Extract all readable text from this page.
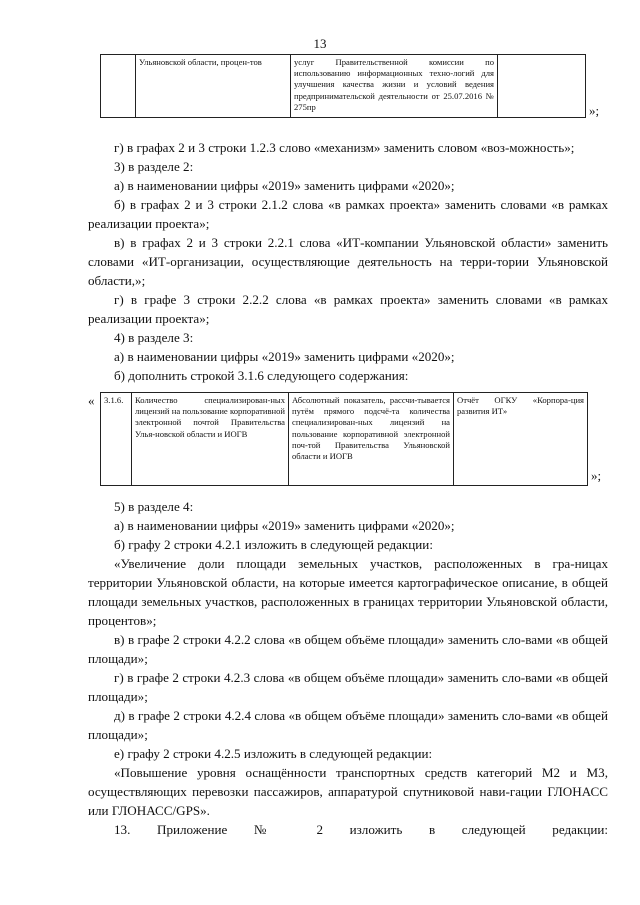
13
	Ульяновской области, процен-тов	услуг Правительственной комиссии по использованию информационных техно-логий для улучшения качества жизни и условий ведения предпринимательской деятельности от 25.07.2016 № 275пр		»;

г) в графах 2 и 3 строки 1.2.3 слово «механизм» заменить словом «воз-можность»;

3) в разделе 2:

а) в наименовании цифры «2019» заменить цифрами «2020»;

б) в графах 2 и 3 строки 2.1.2 слова «в рамках проекта» заменить словами «в рамках реализации проекта»;

в) в графах 2 и 3 строки 2.2.1 слова «ИТ-компании Ульяновской области» заменить словами «ИТ-организации, осуществляющие деятельность на терри-тории Ульяновской области,»;

г) в графе 3 строки 2.2.2 слова «в рамках проекта» заменить словами «в рамках реализации проекта»;

4) в разделе 3:

а) в наименовании цифры «2019» заменить цифрами «2020»;

б) дополнить строкой 3.1.6 следующего содержания:

« 3.1.6.	Количество специализирован-ных лицензий на пользование корпоративной электронной почтой Правительства Улья-новской области и ИОГВ	Абсолютный показатель, рассчи-тывается путём прямого подсчё-та количества специализирован-ных лицензий на пользование корпоративной электронной поч-той Правительства Ульяновской области и ИОГВ	Отчёт ОГКУ «Корпора-ция развития ИТ»
»;

5) в разделе 4:

а) в наименовании цифры «2019» заменить цифрами «2020»;

б) графу 2 строки 4.2.1 изложить в следующей редакции:

«Увеличение доли площади земельных участков, расположенных в гра-ницах территории Ульяновской области, на которые имеется картографическое описание, в общей площади земельных участков, расположенных в границах территории Ульяновской области, процентов»;

в) в графе 2 строки 4.2.2 слова «в общем объёме площади» заменить сло-вами «в общей площади»;

г) в графе 2 строки 4.2.3 слова «в общем объёме площади» заменить сло-вами «в общей площади»;

д) в графе 2 строки 4.2.4 слова «в общем объёме площади» заменить сло-вами «в общей площади»;

е) графу 2 строки 4.2.5 изложить в следующей редакции:

«Повышение уровня оснащённости транспортных средств категорий М2 и М3, осуществляющих перевозки пассажиров, аппаратурой спутниковой нави-гации ГЛОНАСС или ГЛОНАСС/GPS».

13. Приложение № 2 изложить в следующей редакции:
